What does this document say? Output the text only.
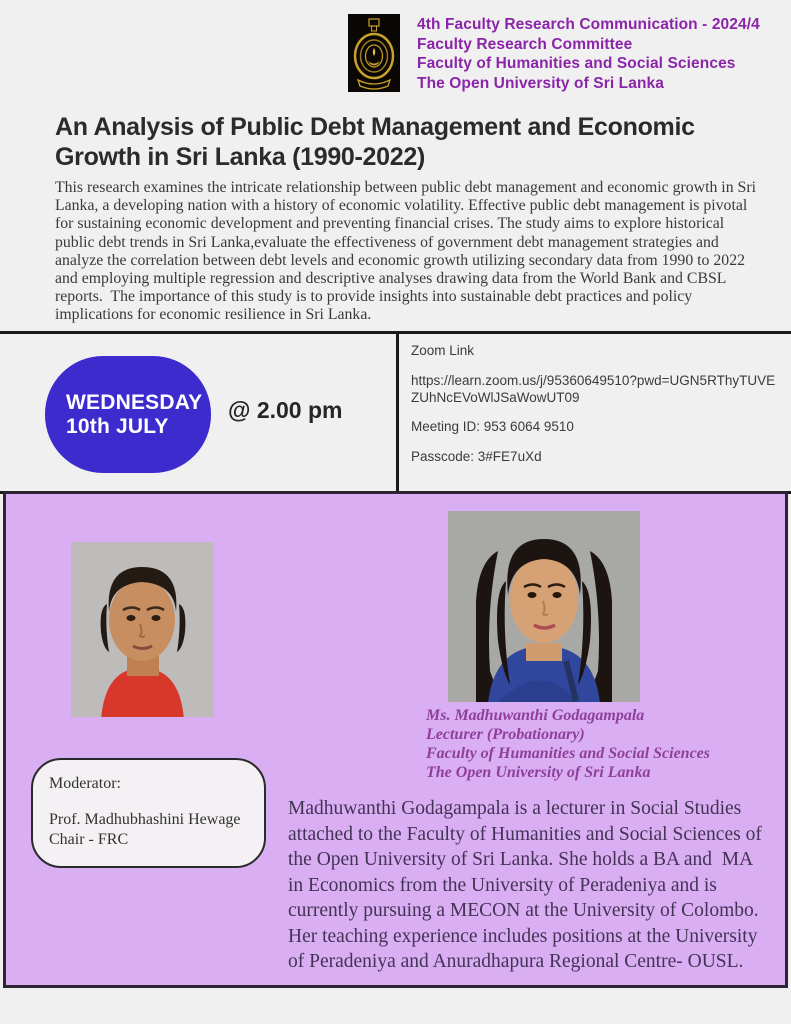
4th Faculty Research Communication - 2024/4
Faculty Research Committee
Faculty of Humanities and Social Sciences
The Open University of Sri Lanka
An Analysis of Public Debt Management and Economic Growth in Sri Lanka (1990-2022)

This research examines the intricate relationship between public debt management and economic growth in Sri Lanka, a developing nation with a history of economic volatility. Effective public debt management is pivotal for sustaining economic development and preventing financial crises. The study aims to explore historical public debt trends in Sri Lanka,evaluate the effectiveness of government debt management strategies and analyze the correlation between debt levels and economic growth utilizing secondary data from 1990 to 2022 and employing multiple regression and descriptive analyses drawing data from the World Bank and CBSL reports.  The importance of this study is to provide insights into sustainable debt practices and policy implications for economic resilience in Sri Lanka.

WEDNESDAY
10th JULY
@ 2.00 pm
Zoom Link
https://learn.zoom.us/j/95360649510?pwd=UGN5RThyTUVEZUhNcEVoWlJSaWowUT09
Meeting ID: 953 6064 9510
Passcode: 3#FE7uXd
Ms. Madhuwanthi Godagampala
Lecturer (Probationary)
Faculty of Humanities and Social Sciences
The Open University of Sri Lanka
Moderator:
Prof. Madhubhashini Hewage
Chair - FRC

Madhuwanthi Godagampala is a lecturer in Social Studies attached to the Faculty of Humanities and Social Sciences of the Open University of Sri Lanka. She holds a BA and  MA in Economics from the University of Peradeniya and is currently pursuing a MECON at the University of Colombo. Her teaching experience includes positions at the University of Peradeniya and Anuradhapura Regional Centre- OUSL.
